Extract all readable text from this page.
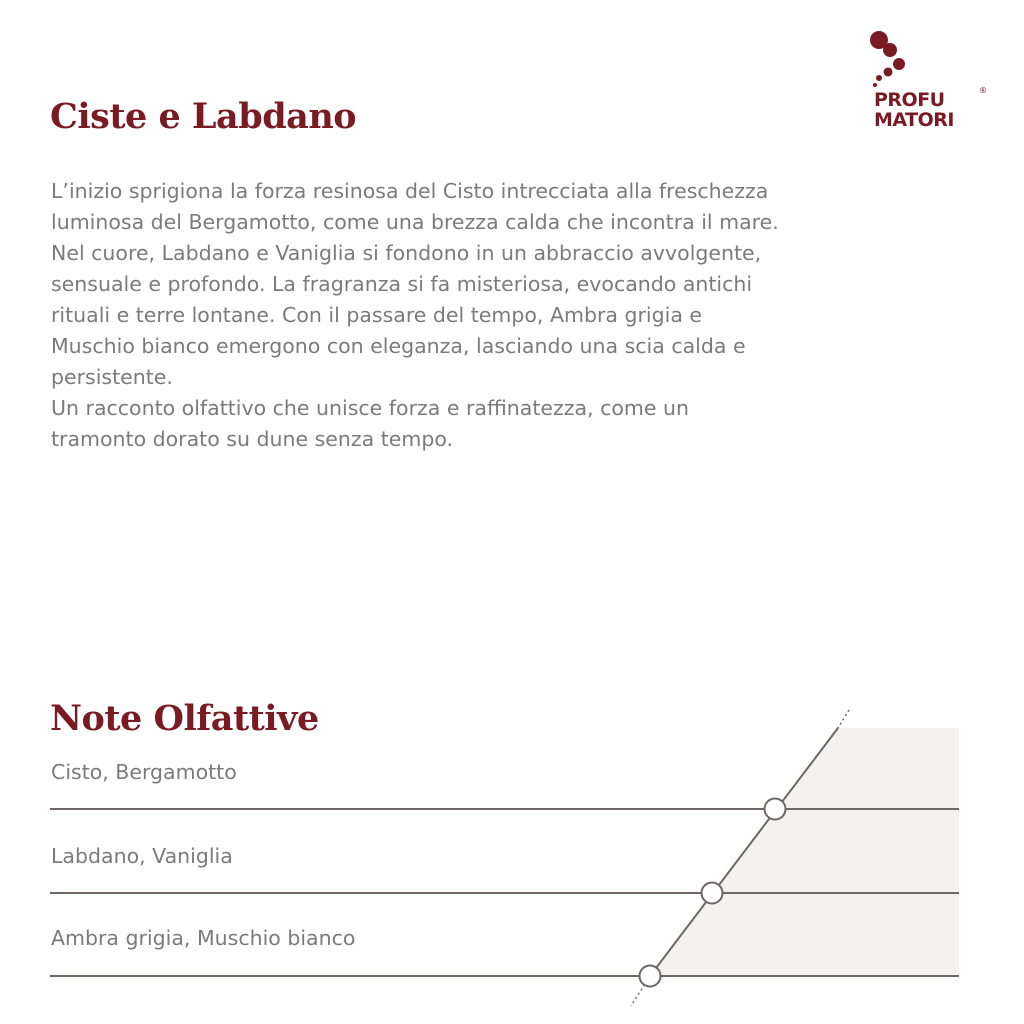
Ciste e Labdano

L’inizio sprigiona la forza resinosa del Cisto intrecciata alla freschezza luminosa del Bergamotto, come una brezza calda che incontra il mare. Nel cuore, Labdano e Vaniglia si fondono in un abbraccio avvolgente, sensuale e profondo. La fragranza si fa misteriosa, evocando antichi rituali e terre lontane. Con il passare del tempo, Ambra grigia e Muschio bianco emergono con eleganza, lasciando una scia calda e persistente.

Un racconto olfattivo che unisce forza e raffinatezza, come un tramonto dorato su dune senza tempo.

PROFU
MATORI
®
Note Olfattive
Cisto, Bergamotto
Labdano, Vaniglia
Ambra grigia, Muschio bianco
